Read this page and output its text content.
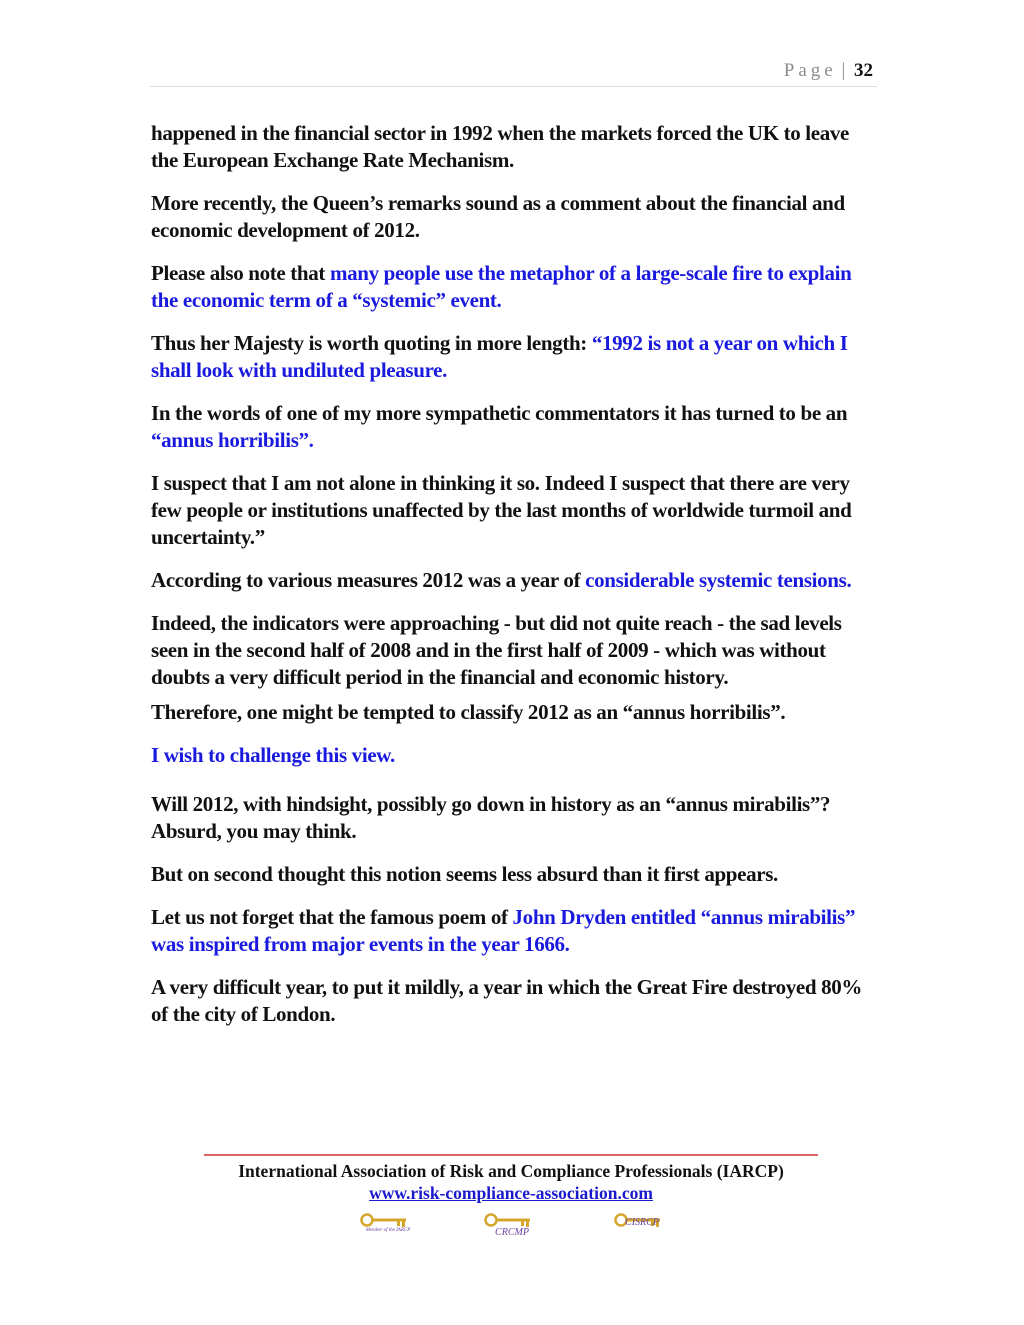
Page | 32

happened in the financial sector in 1992 when the markets forced the UK to leave the European Exchange Rate Mechanism.

More recently, the Queen’s remarks sound as a comment about the financial and economic development of 2012.

Please also note that many people use the metaphor of a large-scale fire to explain the economic term of a “systemic” event.

Thus her Majesty is worth quoting in more length: “1992 is not a year on which I shall look with undiluted pleasure.

In the words of one of my more sympathetic commentators it has turned to be an “annus horribilis”.

I suspect that I am not alone in thinking it so. Indeed I suspect that there are very few people or institutions unaffected by the last months of worldwide turmoil and uncertainty.”

According to various measures 2012 was a year of considerable systemic tensions.

Indeed, the indicators were approaching - but did not quite reach - the sad levels seen in the second half of 2008 and in the first half of 2009 - which was without doubts a very difficult period in the financial and economic history.

Therefore, one might be tempted to classify 2012 as an “annus horribilis”.

I wish to challenge this view.

Will 2012, with hindsight, possibly go down in history as an “annus mirabilis”? Absurd, you may think.

But on second thought this notion seems less absurd than it first appears.

Let us not forget that the famous poem of John Dryden entitled “annus mirabilis” was inspired from major events in the year 1666.

A very difficult year, to put it mildly, a year in which the Great Fire destroyed 80% of the city of London.

International Association of Risk and Compliance Professionals (IARCP)
www.risk-compliance-association.com
Member of the IARCP	CRCMP
CISRCP
